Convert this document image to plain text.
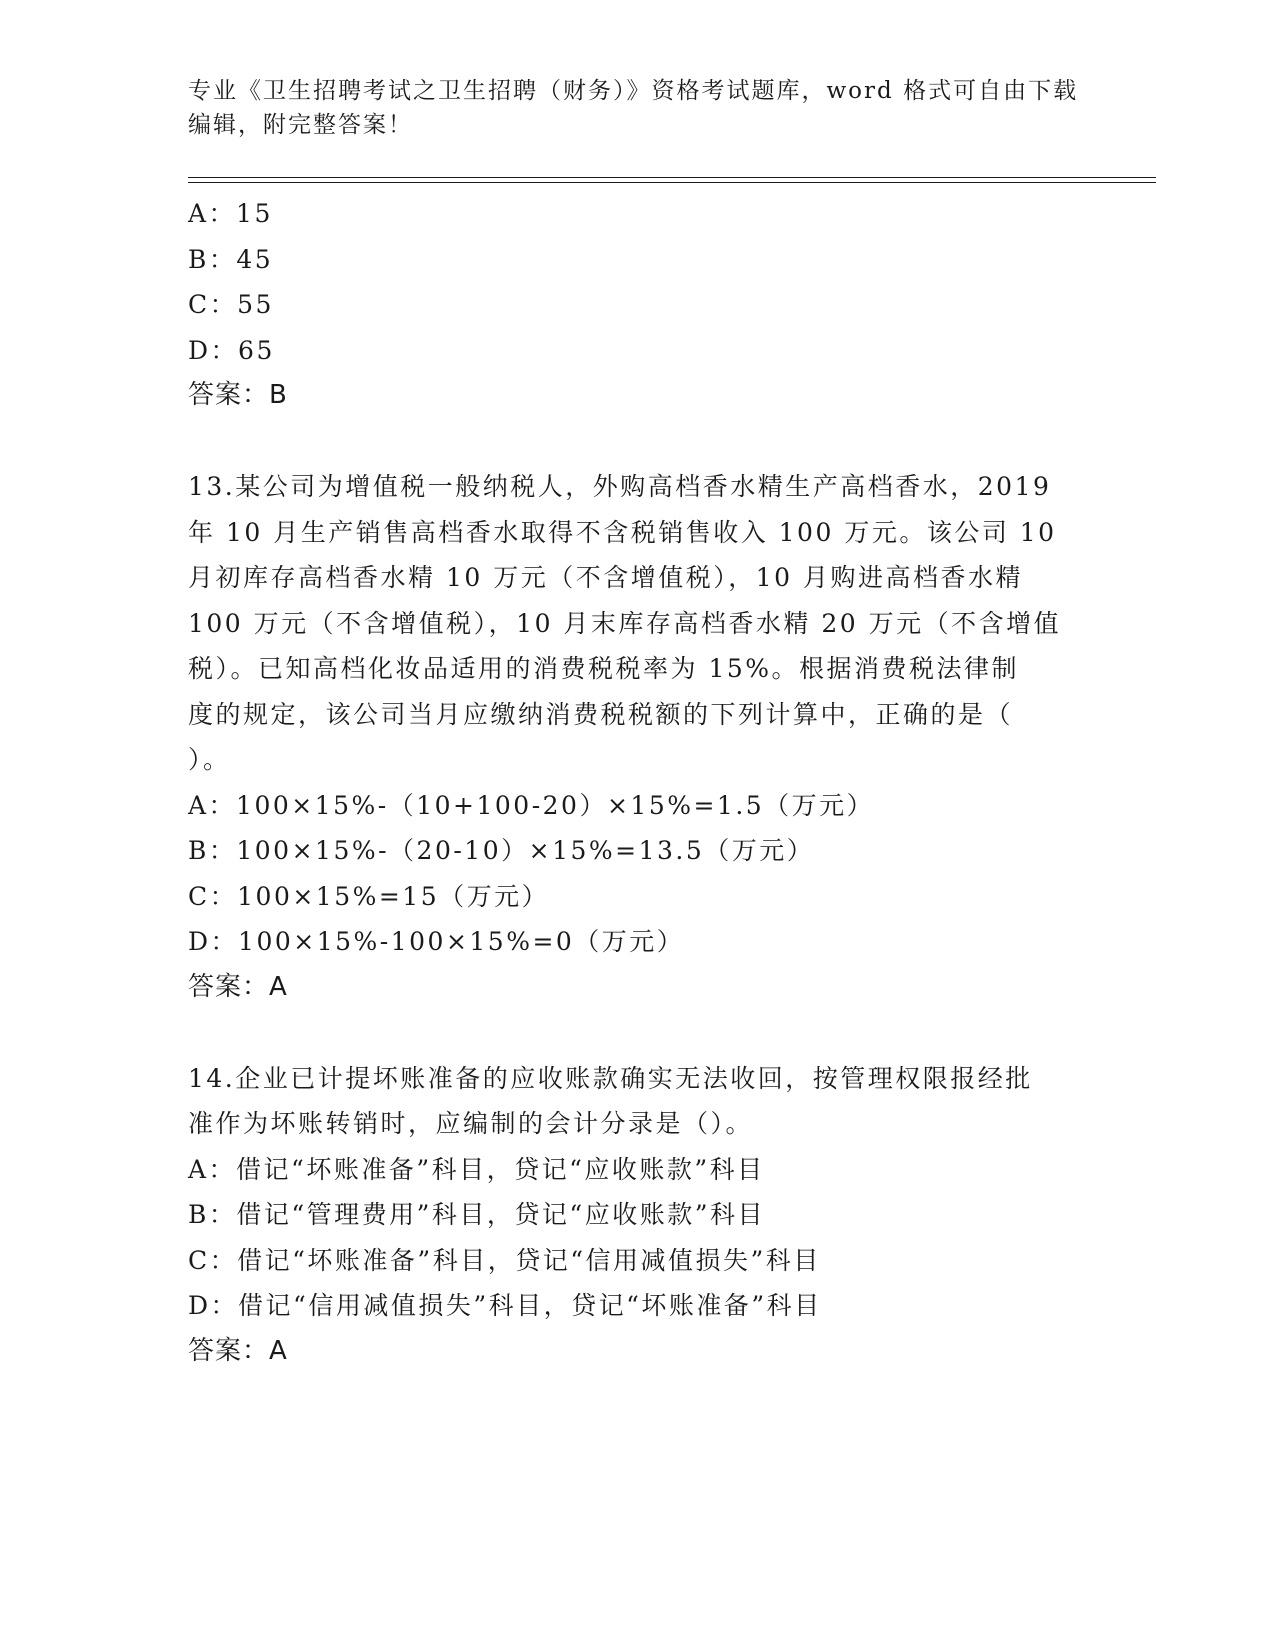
专业《卫生招聘考试之卫生招聘（财务）》资格考试题库，word 格式可自由下载
编辑，附完整答案！
A：15
B：45
C：55
D：65
答案：B
13.某公司为增值税一般纳税人，外购高档香水精生产高档香水，2019
年 10 月生产销售高档香水取得不含税销售收入 100 万元。该公司 10
月初库存高档香水精 10 万元（不含增值税），10 月购进高档香水精
100 万元（不含增值税），10 月末库存高档香水精 20 万元（不含增值
税）。已知高档化妆品适用的消费税税率为 15%。根据消费税法律制
度的规定，该公司当月应缴纳消费税税额的下列计算中，正确的是（
）。
A：100×15%-（10+100-20）×15%=1.5（万元）
B：100×15%-（20-10）×15%=13.5（万元）
C：100×15%=15（万元）
D：100×15%-100×15%=0（万元）
答案：A
14.企业已计提坏账准备的应收账款确实无法收回，按管理权限报经批
准作为坏账转销时，应编制的会计分录是（）。
A：借记“坏账准备”科目，贷记“应收账款”科目
B：借记“管理费用”科目，贷记“应收账款”科目
C：借记“坏账准备”科目，贷记“信用减值损失”科目
D：借记“信用减值损失”科目，贷记“坏账准备”科目
答案：A
